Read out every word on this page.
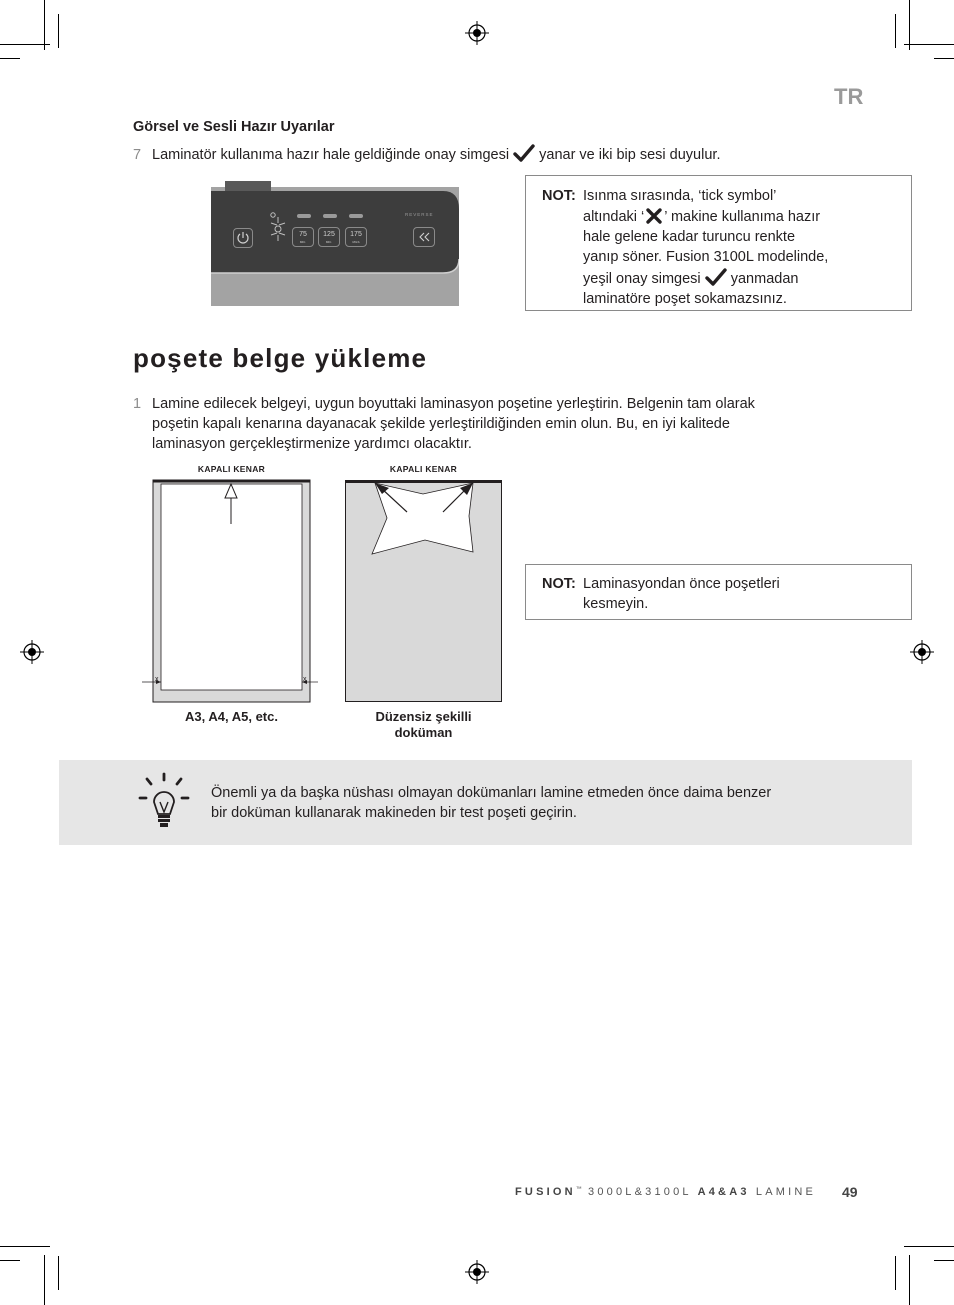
TR
Görsel ve Sesli Hazır Uyarılar
7 Laminatör kullanıma hazır hale geldiğinde onay simgesi yanar ve iki bip sesi duyulur.
75
MIC.
125
MIC.
175
MILS
REVERSE
NOT: Isınma sırasında, ‘tick symbol’
altındaki ‘ ’ makine kullanıma hazır
hale gelene kadar turuncu renkte
yanıp söner. Fusion 3100L modelinde,
yeşil onay simgesi yanmadan
laminatöre poşet sokamazsınız.
poşete belge yükleme
1 Lamine edilecek belgeyi, uygun boyuttaki laminasyon poşetine yerleştirin. Belgenin tam olarak
poşetin kapalı kenarına dayanacak şekilde yerleştirildiğinden emin olun. Bu, en iyi kalitede
laminasyon gerçekleştirmenize yardımcı olacaktır.
KAPALI KENAR	KAPALI KENAR
x	x
A3, A4, A5, etc.	Düzensiz şekilli
doküman
NOT: Laminasyondan önce poşetleri
kesmeyin.
Önemli ya da başka nüshası olmayan dokümanları lamine etmeden önce daima benzer
bir doküman kullanarak makineden bir test poşeti geçirin.
FUSION™ 3000L&3100L A4&A3 LAMINE 49
